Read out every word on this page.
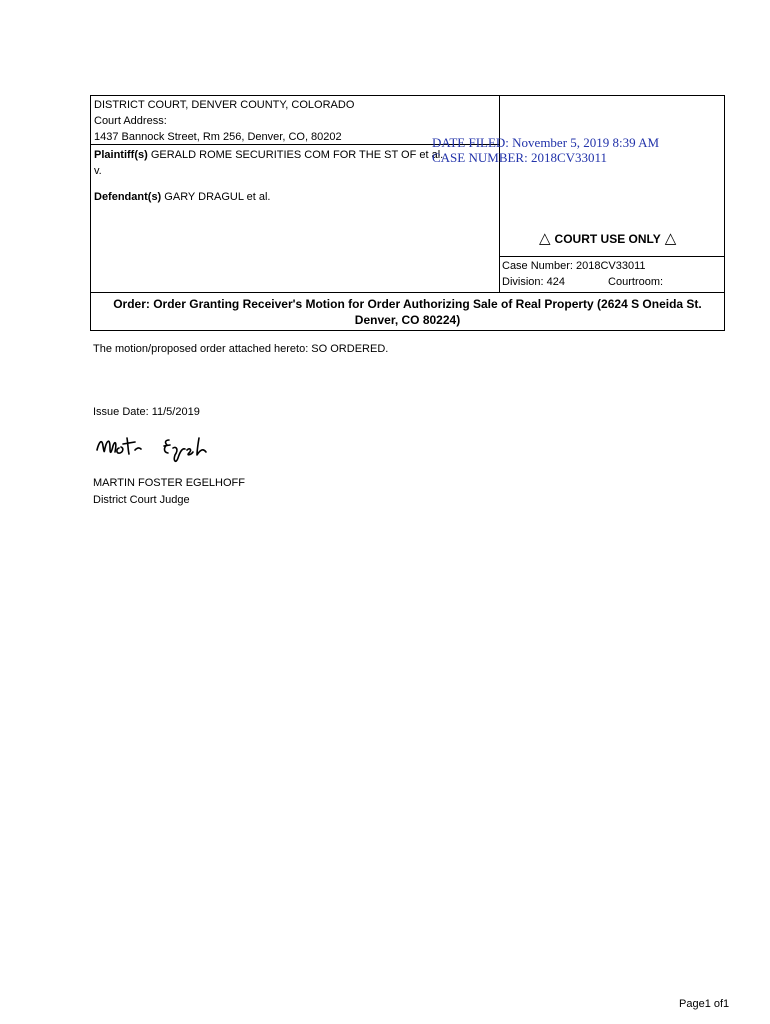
DISTRICT COURT, DENVER COUNTY, COLORADO
Court Address:
1437 Bannock Street, Rm 256, Denver, CO, 80202
Plaintiff(s) GERALD ROME SECURITIES COM FOR THE ST OF et al.
v.
Defendant(s) GARY DRAGUL et al.
△ COURT USE ONLY △
Case Number: 2018CV33011
Division: 424	Courtroom:
Order: Order Granting Receiver's Motion for Order Authorizing Sale of Real Property (2624 S Oneida St. Denver, CO 80224)
DATE FILED: November 5, 2019 8:39 AM
CASE NUMBER: 2018CV33011
The motion/proposed order attached hereto: SO ORDERED.
Issue Date: 11/5/2019
MARTIN FOSTER EGELHOFF
District Court Judge
Page1 of1
